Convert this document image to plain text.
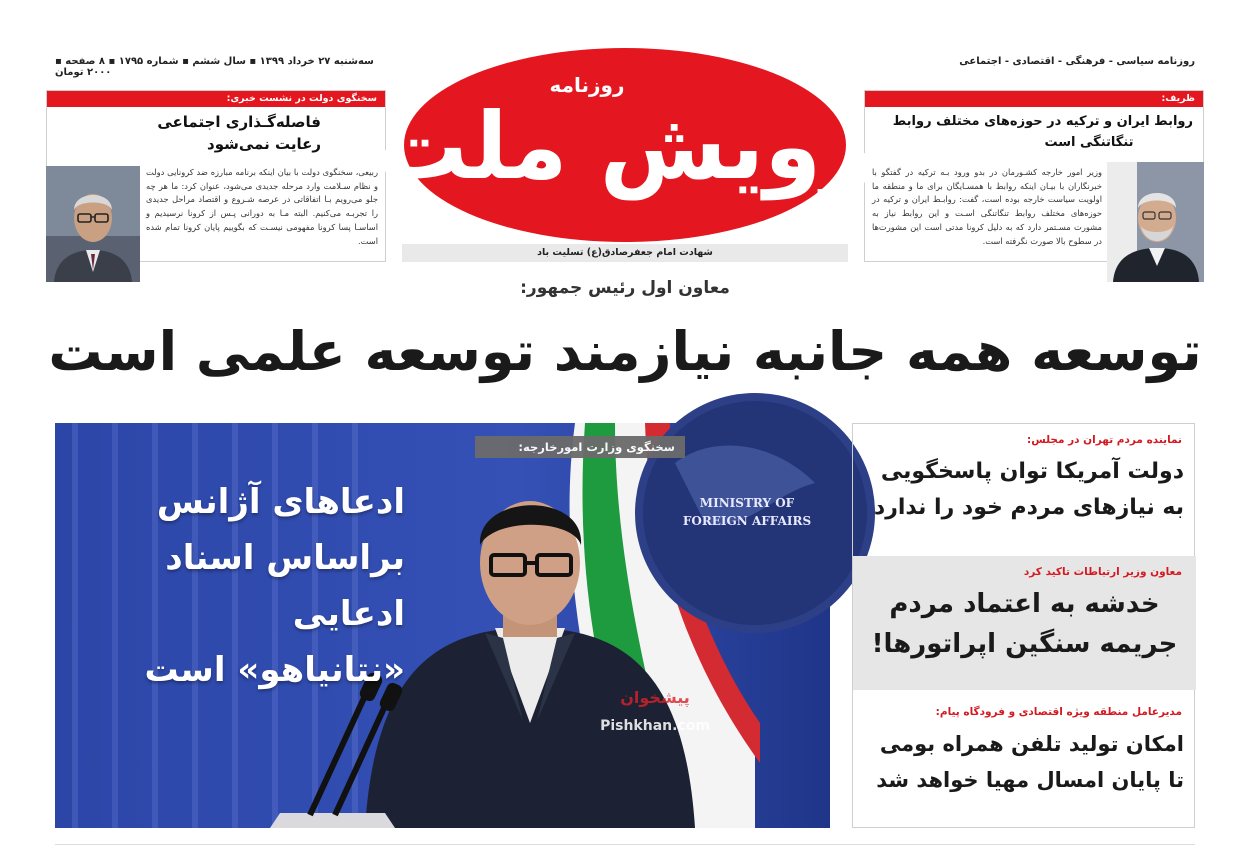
سه‌شنبه ۲۷ خرداد ۱۳۹۹ ▪ سال ششم ▪ شماره ۱۷۹۵ ▪ ۸ صفحه ▪ ۲۰۰۰ تومان
روزنامه سیاسی - فرهنگی - اقتصادی - اجتماعی
سخنگوی دولت در نشست خبری:
فاصله‌گـذاری اجتماعی
رعایت نمی‌شود
ربیعی، سخنگوی دولت با بیان اینکه برنامه مبارزه ضد کرونایی دولت و نظام سـلامت وارد مرحله جدیدی می‌شود، عنوان کرد: ما هر چه جلو می‌رویم بـا اتفاقاتی در عرصه شـروع و اقتصاد مراحل جدیدی را تجربـه می‌کنیم. البته مـا به دورانی پـس از کرونا نرسیدیم و اساسـا پسا کرونا مفهومی نیسـت که بگوییم پایان کرونا تمام شده است.
ظریف:
روابط ایران و ترکیه در حوزه‌های مختلف روابط
تنگاتنگی است
وزیر امور خارجه کشـورمان در بدو ورود بـه ترکیه در گفتگو با خبرنگاران با بیـان اینکه روابط با همسـایگان برای ما و منطقه ما اولویت سیاست خارجه بوده است، گفت: روابـط ایران و ترکیه در حوزه‌های مختلف روابط تنگاتنگی اسـت و این روابط نیاز به مشورت مسـتمر دارد که به دلیل کرونا مدتی است این مشورت‌ها در سطوح بالا صورت نگرفته است.
رویش ملت
روزنامه
شهادت امام جعفرصادق(ع) تسلیت باد
معاون اول رئیس جمهور:
توسعه همه جانبه نیازمند توسعه علمی است
MINISTRY OF
FOREIGN AFFAIRS
سخنگوی وزارت امورخارجه:
ادعاهای آژانس
براساس اسناد ادعایی
«نتانیاهو» است
پیشخوان
Pishkhan.com
نماینده مردم تهران در مجلس:
دولت آمریکا توان پاسخگویی
به نیازهای مردم خود را ندارد
معاون وزیر ارتباطات تاکید کرد
خدشه به اعتماد مردم
جریمه سنگین اپراتورها!
مدیرعامل منطقه ویژه اقتصادی و فرودگاه پیام:
امکان تولید تلفن همراه بومی
تا پایان امسال مهیا خواهد شد
